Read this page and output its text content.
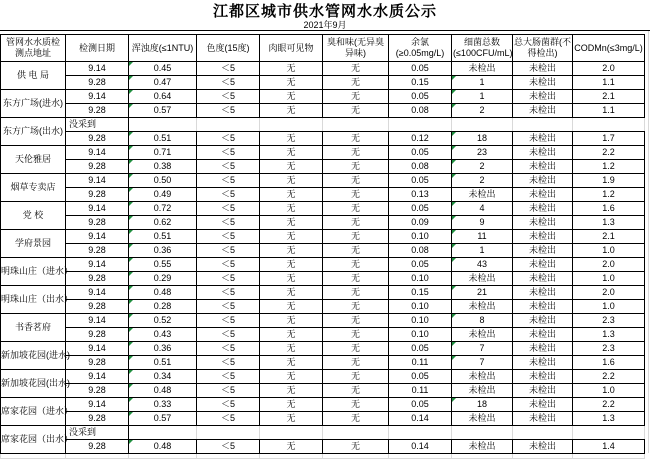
江都区城市供水管网水水质公示
2021年9月
管网水水质检测点地址	检测日期	浑浊度(≤1NTU)	色度(15度)	肉眼可见物	臭和味(无异臭异味)	余氯(≥0.05mg/L)	细菌总数(≤100CFU/mL)	总大肠菌群(不得检出)	CODMn(≤3mg/L)
供 电 局	9.14	0.45	＜5	无	无	0.05	未检出	未检出	2.0
	9.28	0.47	＜5	无	无	0.15	1	未检出	1.1
东方广场(进水)	9.14	0.64	＜5	无	无	0.05	1	未检出	2.1
	9.28	0.57	＜5	无	无	0.08	2	未检出	1.1
东方广场(出水)	没采到								
	9.28	0.51	＜5	无	无	0.12	18	未检出	1.7
天伦雅居	9.14	0.71	＜5	无	无	0.05	23	未检出	2.2
	9.28	0.38	＜5	无	无	0.08	2	未检出	1.2
烟草专卖店	9.14	0.50	＜5	无	无	0.05	2	未检出	1.9
	9.28	0.49	＜5	无	无	0.13	未检出	未检出	1.2
党 校	9.14	0.72	＜5	无	无	0.05	4	未检出	1.6
	9.28	0.62	＜5	无	无	0.09	9	未检出	1.3
学府景园	9.14	0.51	＜5	无	无	0.10	11	未检出	2.1
	9.28	0.36	＜5	无	无	0.08	1	未检出	1.0
明珠山庄（进水）	9.14	0.55	＜5	无	无	0.05	43	未检出	2.0
	9.28	0.29	＜5	无	无	0.10	未检出	未检出	1.0
明珠山庄（出水）	9.14	0.48	＜5	无	无	0.15	21	未检出	2.0
	9.28	0.28	＜5	无	无	0.10	未检出	未检出	1.0
书香茗府	9.14	0.52	＜5	无	无	0.10	8	未检出	2.3
	9.28	0.43	＜5	无	无	0.10	未检出	未检出	1.3
新加坡花园(进水)	9.14	0.36	＜5	无	无	0.05	7	未检出	2.3
	9.28	0.51	＜5	无	无	0.11	7	未检出	1.6
新加坡花园(出水)	9.14	0.34	＜5	无	无	0.05	未检出	未检出	2.2
	9.28	0.48	＜5	无	无	0.11	未检出	未检出	1.0
席家花园（进水）	9.14	0.33	＜5	无	无	0.05	18	未检出	2.2
	9.28	0.57	＜5	无	无	0.14	未检出	未检出	1.3
席家花园（出水）	没采到								
	9.28	0.48	＜5	无	无	0.14	未检出	未检出	1.4
